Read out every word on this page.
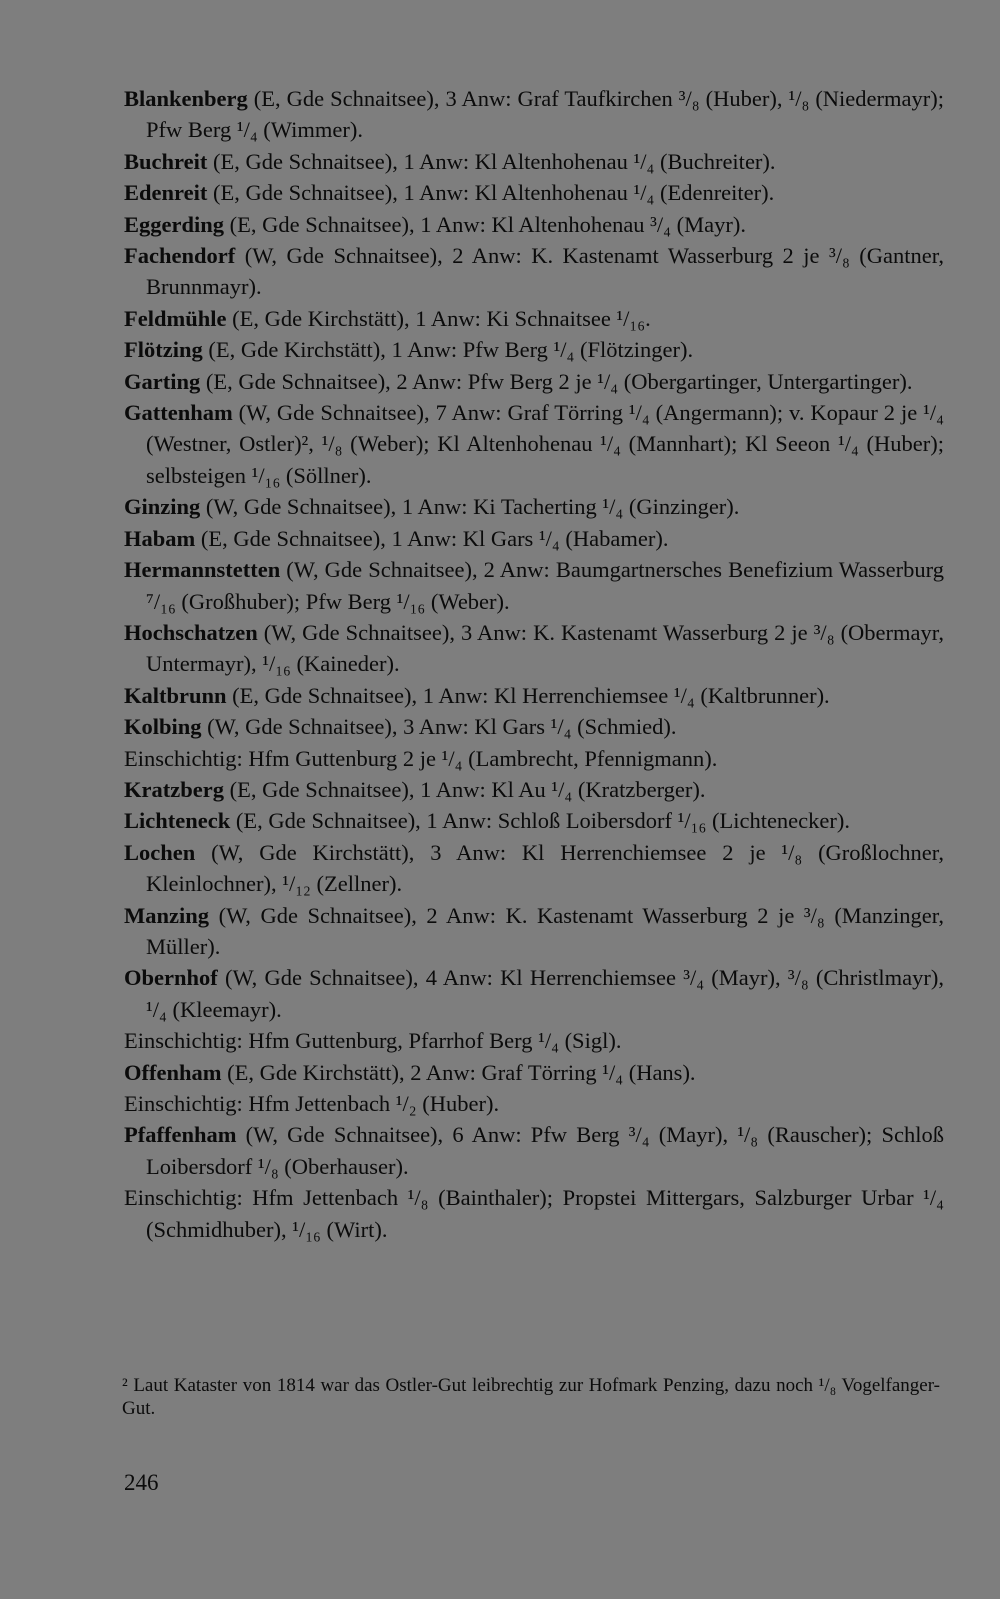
Blankenberg (E, Gde Schnaitsee), 3 Anw: Graf Taufkirchen ³/₈ (Huber), ¹/₈ (Niedermayr); Pfw Berg ¹/₄ (Wimmer).
Buchreit (E, Gde Schnaitsee), 1 Anw: Kl Altenhohenau ¹/₄ (Buchreiter).
Edenreit (E, Gde Schnaitsee), 1 Anw: Kl Altenhohenau ¹/₄ (Edenreiter).
Eggerding (E, Gde Schnaitsee), 1 Anw: Kl Altenhohenau ³/₄ (Mayr).
Fachendorf (W, Gde Schnaitsee), 2 Anw: K. Kastenamt Wasserburg 2 je ³/₈ (Gantner, Brunnmayr).
Feldmühle (E, Gde Kirchstätt), 1 Anw: Ki Schnaitsee ¹/₁₆.
Flötzing (E, Gde Kirchstätt), 1 Anw: Pfw Berg ¹/₄ (Flötzinger).
Garting (E, Gde Schnaitsee), 2 Anw: Pfw Berg 2 je ¹/₄ (Obergartinger, Untergartinger).
Gattenham (W, Gde Schnaitsee), 7 Anw: Graf Törring ¹/₄ (Angermann); v. Kopaur 2 je ¹/₄ (Westner, Ostler)², ¹/₈ (Weber); Kl Altenhohenau ¹/₄ (Mannhart); Kl Seeon ¹/₄ (Huber); selbsteigen ¹/₁₆ (Söllner).
Ginzing (W, Gde Schnaitsee), 1 Anw: Ki Tacherting ¹/₄ (Ginzinger).
Habam (E, Gde Schnaitsee), 1 Anw: Kl Gars ¹/₄ (Habamer).
Hermannstetten (W, Gde Schnaitsee), 2 Anw: Baumgartnersches Benefizium Wasserburg ⁷/₁₆ (Großhuber); Pfw Berg ¹/₁₆ (Weber).
Hochschatzen (W, Gde Schnaitsee), 3 Anw: K. Kastenamt Wasserburg 2 je ³/₈ (Obermayr, Untermayr), ¹/₁₆ (Kaineder).
Kaltbrunn (E, Gde Schnaitsee), 1 Anw: Kl Herrenchiemsee ¹/₄ (Kaltbrunner).
Kolbing (W, Gde Schnaitsee), 3 Anw: Kl Gars ¹/₄ (Schmied).
Einschichtig: Hfm Guttenburg 2 je ¹/₄ (Lambrecht, Pfennigmann).
Kratzberg (E, Gde Schnaitsee), 1 Anw: Kl Au ¹/₄ (Kratzberger).
Lichteneck (E, Gde Schnaitsee), 1 Anw: Schloß Loibersdorf ¹/₁₆ (Lichtenecker).
Lochen (W, Gde Kirchstätt), 3 Anw: Kl Herrenchiemsee 2 je ¹/₈ (Großlochner, Kleinlochner), ¹/₁₂ (Zellner).
Manzing (W, Gde Schnaitsee), 2 Anw: K. Kastenamt Wasserburg 2 je ³/₈ (Manzinger, Müller).
Obernhof (W, Gde Schnaitsee), 4 Anw: Kl Herrenchiemsee ³/₄ (Mayr), ³/₈ (Christlmayr), ¹/₄ (Kleemayr).
Einschichtig: Hfm Guttenburg, Pfarrhof Berg ¹/₄ (Sigl).
Offenham (E, Gde Kirchstätt), 2 Anw: Graf Törring ¹/₄ (Hans).
Einschichtig: Hfm Jettenbach ¹/₂ (Huber).
Pfaffenham (W, Gde Schnaitsee), 6 Anw: Pfw Berg ³/₄ (Mayr), ¹/₈ (Rauscher); Schloß Loibersdorf ¹/₈ (Oberhauser).
Einschichtig: Hfm Jettenbach ¹/₈ (Bainthaler); Propstei Mittergars, Salzburger Urbar ¹/₄ (Schmidhuber), ¹/₁₆ (Wirt).
² Laut Kataster von 1814 war das Ostler-Gut leibrechtig zur Hofmark Penzing, dazu noch ¹/₈ Vogelfanger-Gut.
246
